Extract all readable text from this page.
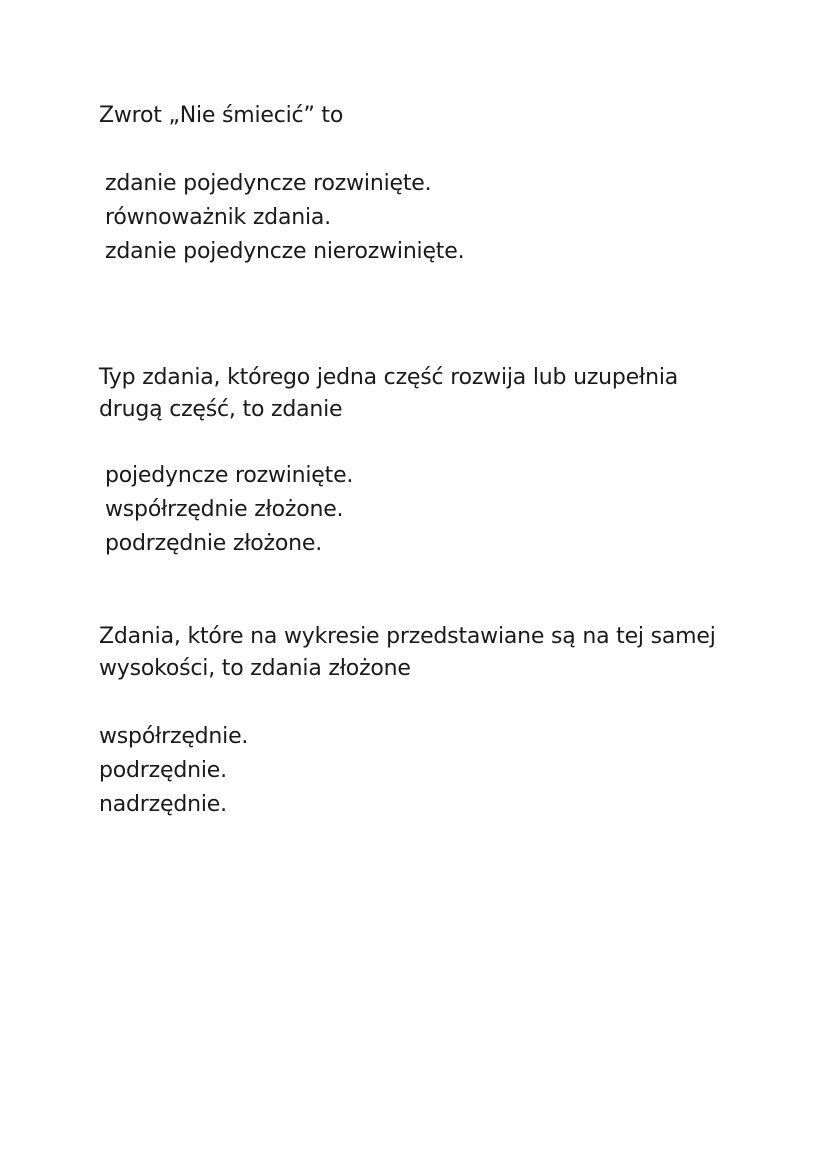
Zwrot „Nie śmiecić” to

zdanie pojedyncze rozwinięte.
równoważnik zdania.
zdanie pojedyncze nierozwinięte.

Typ zdania, którego jedna część rozwija lub uzupełnia drugą część, to zdanie

pojedyncze rozwinięte.
współrzędnie złożone.
podrzędnie złożone.

Zdania, które na wykresie przedstawiane są na tej samej wysokości, to zdania złożone

współrzędnie.
podrzędnie.
nadrzędnie.
